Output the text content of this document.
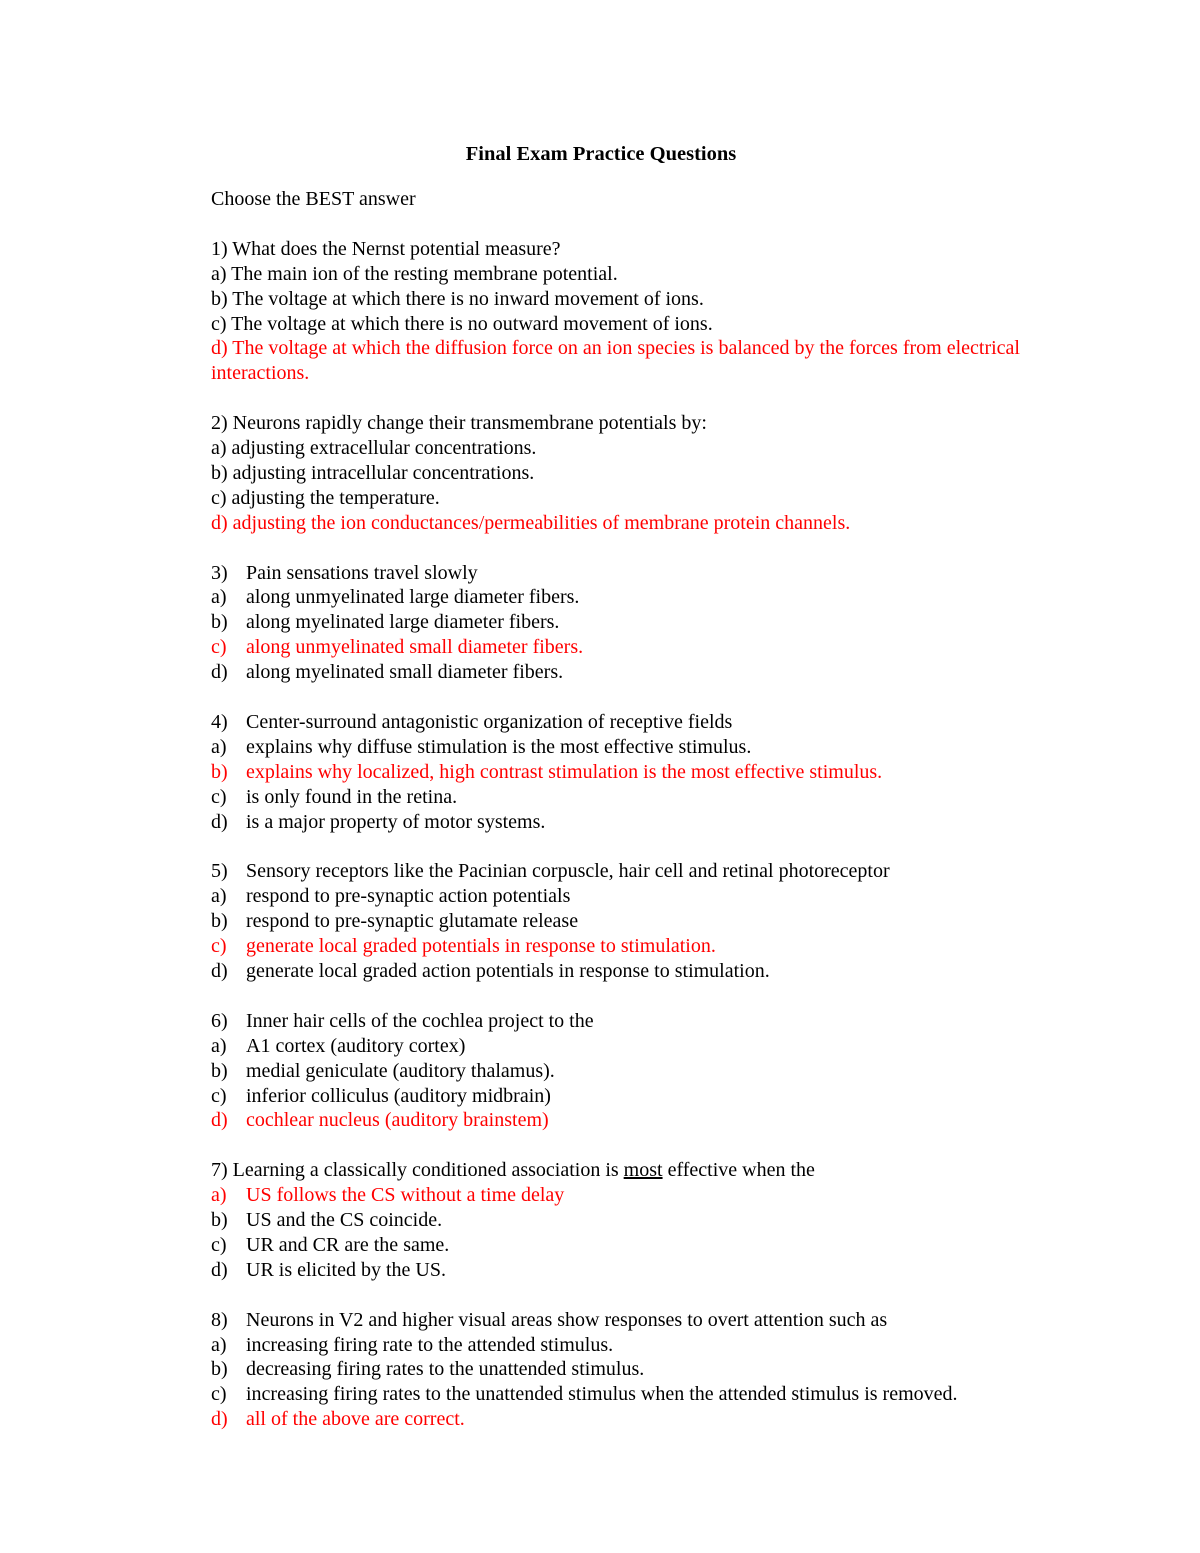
Final Exam Practice Questions
Choose the BEST answer
1) What does the Nernst potential measure?
a) The main ion of the resting membrane potential.
b) The voltage at which there is no inward movement of ions.
c) The voltage at which there is no outward movement of ions.
d) The voltage at which the diffusion force on an ion species is balanced by the forces from electrical interactions.
2) Neurons rapidly change their transmembrane potentials by:
a) adjusting extracellular concentrations.
b) adjusting intracellular concentrations.
c) adjusting the temperature.
d) adjusting the ion conductances/permeabilities of membrane protein channels.
3) Pain sensations travel slowly
a) along unmyelinated large diameter fibers.
b) along myelinated large diameter fibers.
c) along unmyelinated small diameter fibers.
d) along myelinated small diameter fibers.
4) Center-surround antagonistic organization of receptive fields
a) explains why diffuse stimulation is the most effective stimulus.
b) explains why localized, high contrast stimulation is the most effective stimulus.
c) is only found in the retina.
d) is a major property of motor systems.
5) Sensory receptors like the Pacinian corpuscle, hair cell and retinal photoreceptor
a) respond to pre-synaptic action potentials
b) respond to pre-synaptic glutamate release
c) generate local graded potentials in response to stimulation.
d) generate local graded action potentials in response to stimulation.
6) Inner hair cells of the cochlea project to the
a) A1 cortex (auditory cortex)
b) medial geniculate (auditory thalamus).
c) inferior colliculus (auditory midbrain)
d) cochlear nucleus (auditory brainstem)
7) Learning a classically conditioned association is most effective when the
a) US follows the CS without a time delay
b) US and the CS coincide.
c) UR and CR are the same.
d) UR is elicited by the US.
8) Neurons in V2 and higher visual areas show responses to overt attention such as
a) increasing firing rate to the attended stimulus.
b) decreasing firing rates to the unattended stimulus.
c) increasing firing rates to the unattended stimulus when the attended stimulus is removed.
d) all of the above are correct.
